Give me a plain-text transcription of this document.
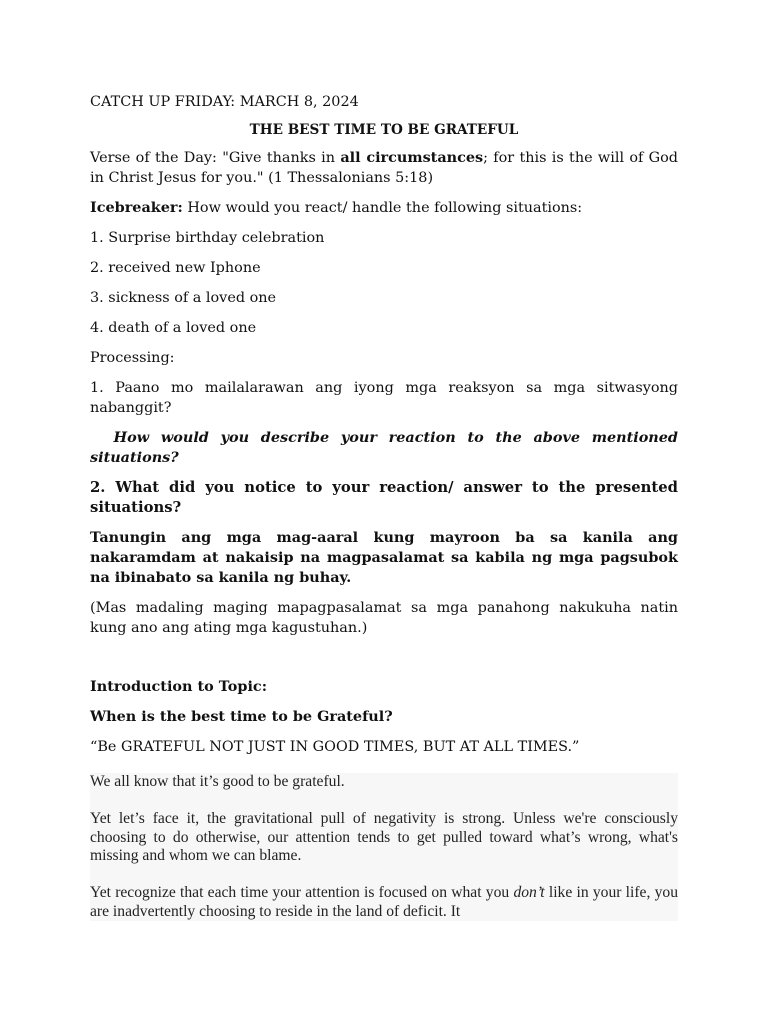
CATCH UP FRIDAY: MARCH 8, 2024

THE BEST TIME TO BE GRATEFUL

Verse of the Day: "Give thanks in all circumstances; for this is the will of God in Christ Jesus for you." (1 Thessalonians 5:18)

Icebreaker: How would you react/ handle the following situations:

1. Surprise birthday celebration

2. received new Iphone

3. sickness of a loved one

4. death of a loved one

Processing:

1. Paano mo mailalarawan ang iyong mga reaksyon sa mga sitwasyong nabanggit?

How would you describe your reaction to the above mentioned situations?

2. What did you notice to your reaction/ answer to the presented situations?

Tanungin ang mga mag-aaral kung mayroon ba sa kanila ang nakaramdam at nakaisip na magpasalamat sa kabila ng mga pagsubok na ibinabato sa kanila ng buhay.

(Mas madaling maging mapagpasalamat sa mga panahong nakukuha natin kung ano ang ating mga kagustuhan.)

Introduction to Topic:

When is the best time to be Grateful?

“Be GRATEFUL NOT JUST IN GOOD TIMES, BUT AT ALL TIMES.”

We all know that it’s good to be grateful.

Yet let’s face it, the gravitational pull of negativity is strong. Unless we're consciously choosing to do otherwise, our attention tends to get pulled toward what’s wrong, what's missing and whom we can blame.

Yet recognize that each time your attention is focused on what you don’t like in your life, you are inadvertently choosing to reside in the land of deficit. It
